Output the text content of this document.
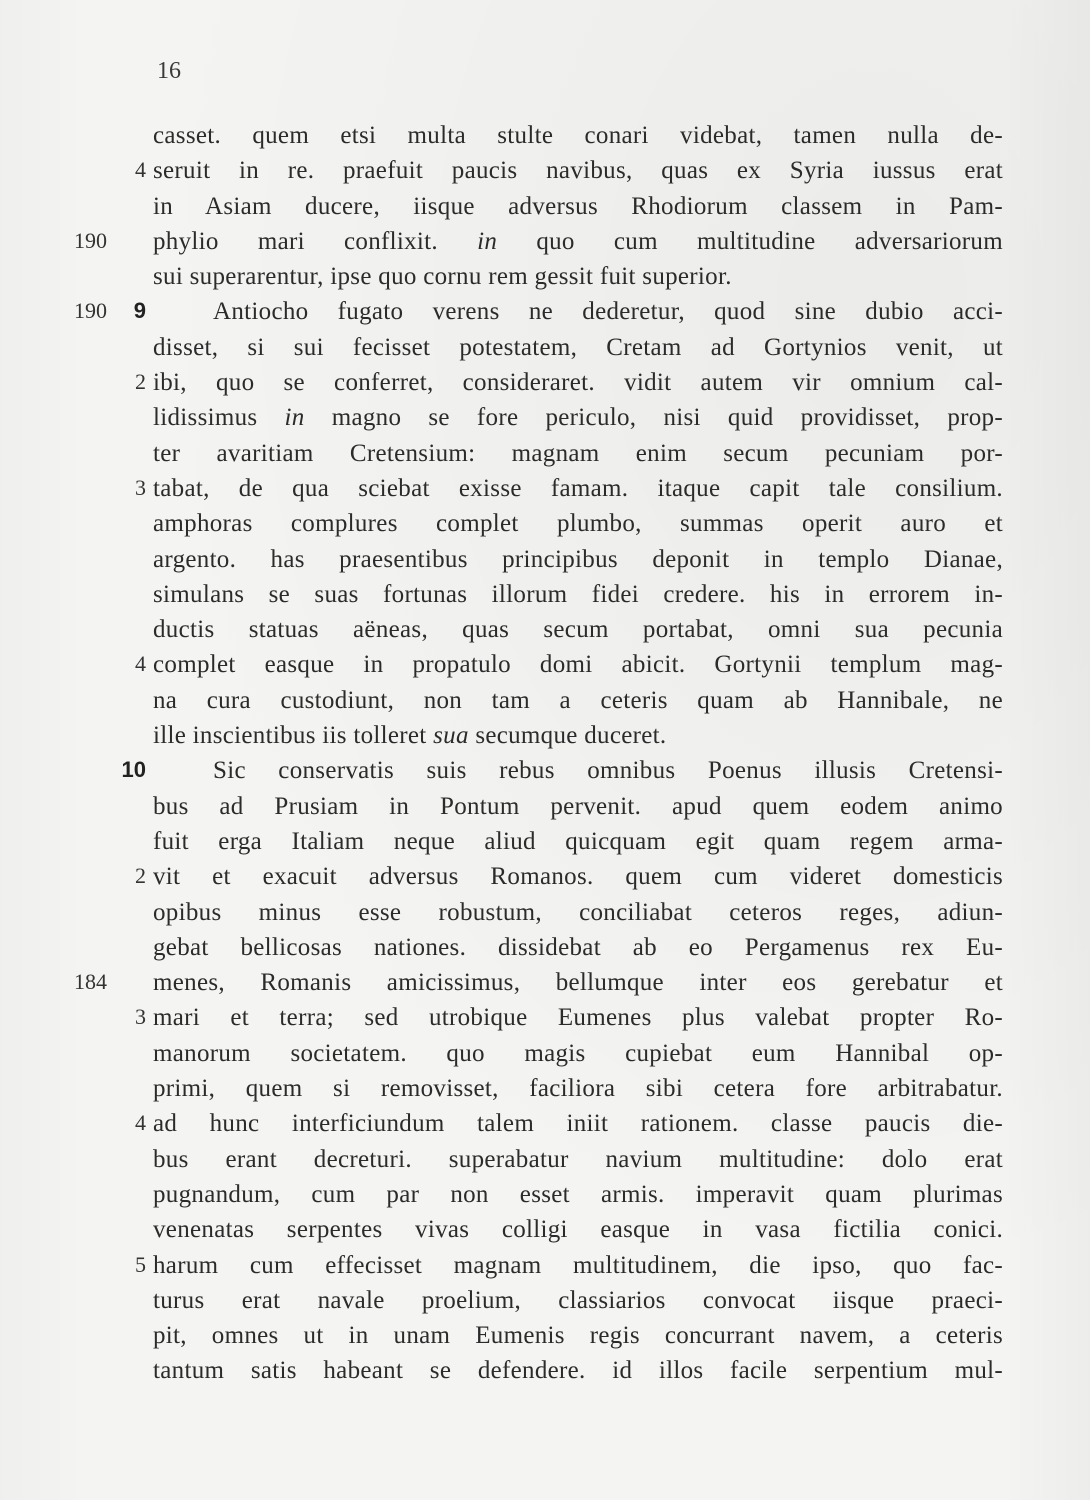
16
casset. quem etsi multa stulte conari videbat, tamen nulla de-
4 seruit in re. praefuit paucis navibus, quas ex Syria iussus erat
in Asiam ducere, iisque adversus Rhodiorum classem in Pam-
190	phylio mari conflixit. in quo cum multitudine adversariorum
sui superarentur, ipse quo cornu rem gessit fuit superior.
190	9	Antiocho fugato verens ne dederetur, quod sine dubio acci-
disset, si sui fecisset potestatem, Cretam ad Gortynios venit, ut
2 ibi, quo se conferret, consideraret. vidit autem vir omnium cal-
lidissimus in magno se fore periculo, nisi quid providisset, prop-
ter avaritiam Cretensium: magnam enim secum pecuniam por-
3 tabat, de qua sciebat exisse famam. itaque capit tale consilium.
amphoras complures complet plumbo, summas operit auro et
argento. has praesentibus principibus deponit in templo Dianae,
simulans se suas fortunas illorum fidei credere. his in errorem in-
ductis statuas aëneas, quas secum portabat, omni sua pecunia
4 complet easque in propatulo domi abicit. Gortynii templum mag-
na cura custodiunt, non tam a ceteris quam ab Hannibale, ne
ille inscientibus iis tolleret sua secumque duceret.
10	Sic conservatis suis rebus omnibus Poenus illusis Cretensi-
bus ad Prusiam in Pontum pervenit. apud quem eodem animo
fuit erga Italiam neque aliud quicquam egit quam regem arma-
2 vit et exacuit adversus Romanos. quem cum videret domesticis
opibus minus esse robustum, conciliabat ceteros reges, adiun-
gebat bellicosas nationes. dissidebat ab eo Pergamenus rex Eu-
184	menes, Romanis amicissimus, bellumque inter eos gerebatur et
3 mari et terra; sed utrobique Eumenes plus valebat propter Ro-
manorum societatem. quo magis cupiebat eum Hannibal op-
primi, quem si removisset, faciliora sibi cetera fore arbitrabatur.
4 ad hunc interficiundum talem iniit rationem. classe paucis die-
bus erant decreturi. superabatur navium multitudine: dolo erat
pugnandum, cum par non esset armis. imperavit quam plurimas
venenatas serpentes vivas colligi easque in vasa fictilia conici.
5 harum cum effecisset magnam multitudinem, die ipso, quo fac-
turus erat navale proelium, classiarios convocat iisque praeci-
pit, omnes ut in unam Eumenis regis concurrant navem, a ceteris
tantum satis habeant se defendere. id illos facile serpentium mul-
